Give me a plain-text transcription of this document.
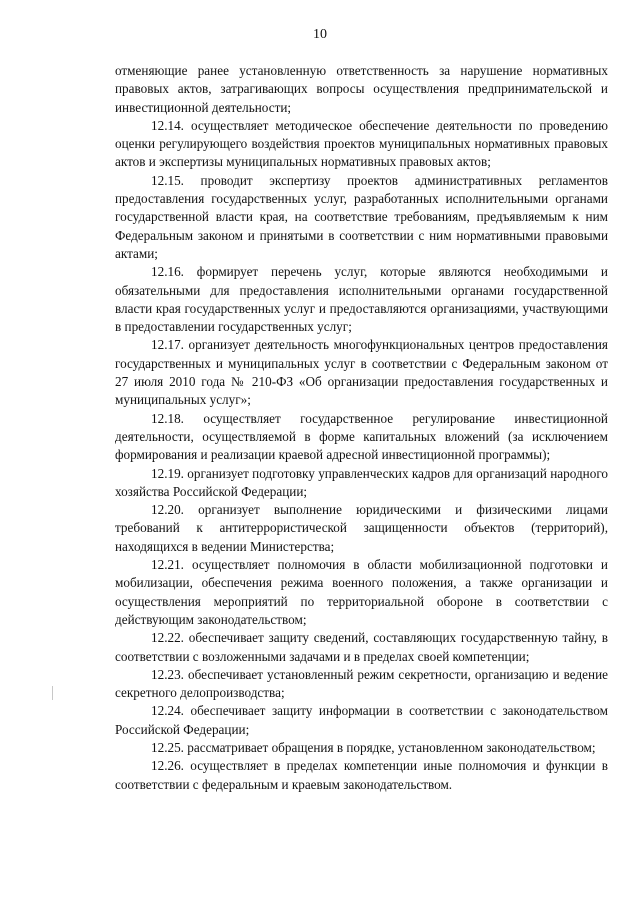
10

отменяющие ранее установленную ответственность за нарушение нормативных правовых актов, затрагивающих вопросы осуществления предпринимательской и инвестиционной деятельности;

12.14. осуществляет методическое обеспечение деятельности по проведению оценки регулирующего воздействия проектов муниципальных нормативных правовых актов и экспертизы муниципальных нормативных правовых актов;

12.15. проводит экспертизу проектов административных регламентов предоставления государственных услуг, разработанных исполнительными органами государственной власти края, на соответствие требованиям, предъявляемым к ним Федеральным законом и принятыми в соответствии с ним нормативными правовыми актами;

12.16. формирует перечень услуг, которые являются необходимыми и обязательными для предоставления исполнительными органами государственной власти края государственных услуг и предоставляются организациями, участвующими в предоставлении государственных услуг;

12.17. организует деятельность многофункциональных центров предоставления государственных и муниципальных услуг в соответствии с Федеральным законом от 27 июля 2010 года № 210-ФЗ «Об организации предоставления государственных и муниципальных услуг»;

12.18. осуществляет государственное регулирование инвестиционной деятельности, осуществляемой в форме капитальных вложений (за исключением формирования и реализации краевой адресной инвестиционной программы);

12.19. организует подготовку управленческих кадров для организаций народного хозяйства Российской Федерации;

12.20. организует выполнение юридическими и физическими лицами требований к антитеррористической защищенности объектов (территорий), находящихся в ведении Министерства;

12.21. осуществляет полномочия в области мобилизационной подготовки и мобилизации, обеспечения режима военного положения, а также организации и осуществления мероприятий по территориальной обороне в соответствии с действующим законодательством;

12.22. обеспечивает защиту сведений, составляющих государственную тайну, в соответствии с возложенными задачами и в пределах своей компетенции;

12.23. обеспечивает установленный режим секретности, организацию и ведение секретного делопроизводства;

12.24. обеспечивает защиту информации в соответствии с законодательством Российской Федерации;

12.25. рассматривает обращения в порядке, установленном законодательством;

12.26. осуществляет в пределах компетенции иные полномочия и функции в соответствии с федеральным и краевым законодательством.
